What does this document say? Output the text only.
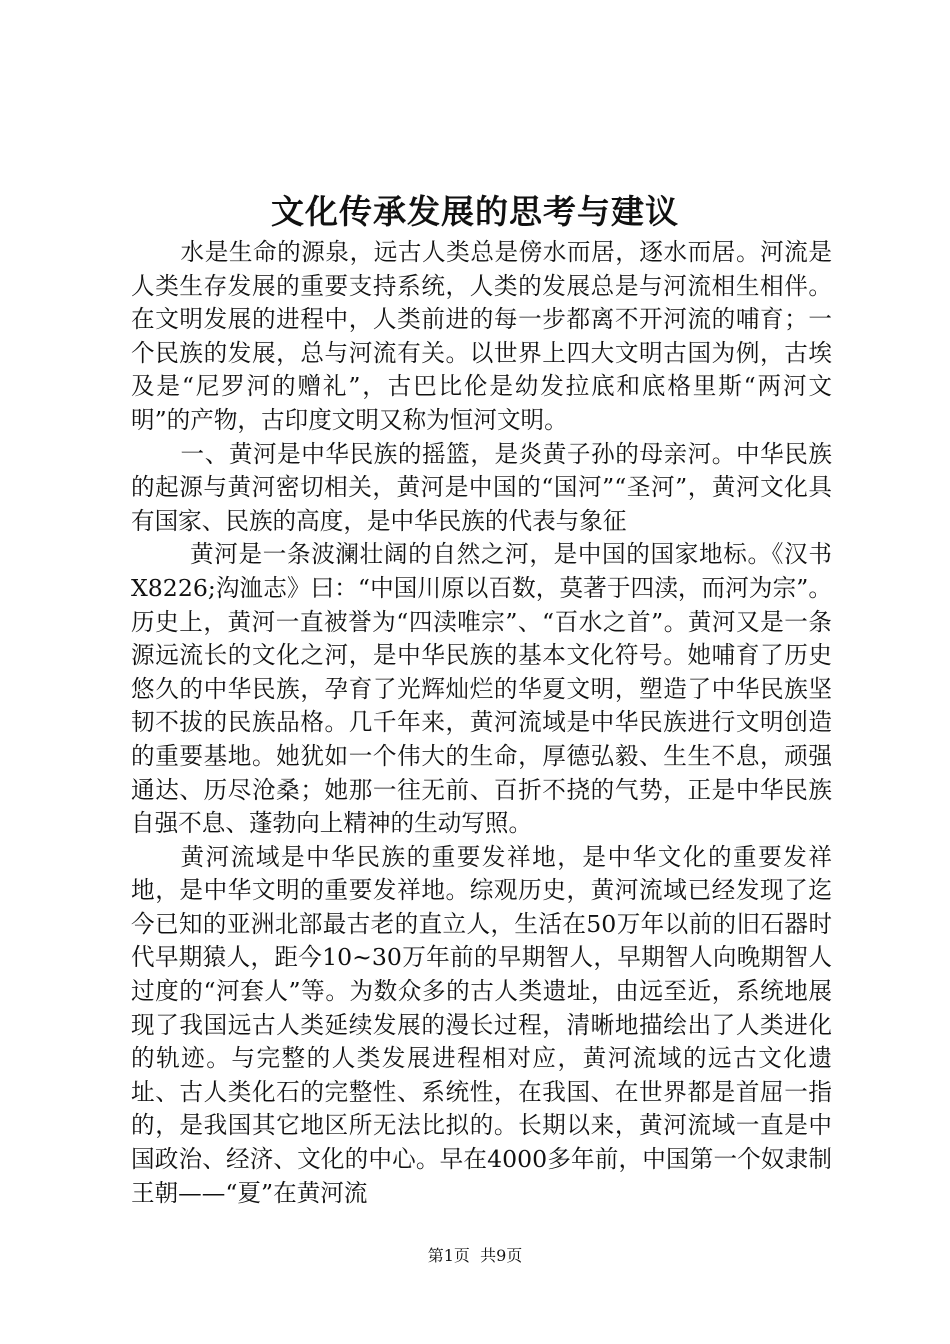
文化传承发展的思考与建议

水是生命的源泉，远古人类总是傍水而居，逐水而居。河流是人类生存发展的重要支持系统，人类的发展总是与河流相生相伴。在文明发展的进程中，人类前进的每一步都离不开河流的哺育；一个民族的发展，总与河流有关。以世界上四大文明古国为例，古埃及是“尼罗河的赠礼”，古巴比伦是幼发拉底和底格里斯“两河文明”的产物，古印度文明又称为恒河文明。

一、黄河是中华民族的摇篮，是炎黄子孙的母亲河。中华民族的起源与黄河密切相关，黄河是中国的“国河”“圣河”，黄河文化具有国家、民族的高度，是中华民族的代表与象征

黄河是一条波澜壮阔的自然之河，是中国的国家地标。《汉书X8226;沟洫志》曰：“中国川原以百数，莫著于四渎，而河为宗”。历史上，黄河一直被誉为“四渎唯宗”、“百水之首”。黄河又是一条源远流长的文化之河，是中华民族的基本文化符号。她哺育了历史悠久的中华民族，孕育了光辉灿烂的华夏文明，塑造了中华民族坚韧不拔的民族品格。几千年来，黄河流域是中华民族进行文明创造的重要基地。她犹如一个伟大的生命，厚德弘毅、生生不息，顽强通达、历尽沧桑；她那一往无前、百折不挠的气势，正是中华民族自强不息、蓬勃向上精神的生动写照。

黄河流域是中华民族的重要发祥地，是中华文化的重要发祥地，是中华文明的重要发祥地。综观历史，黄河流域已经发现了迄今已知的亚洲北部最古老的直立人，生活在50万年以前的旧石器时代早期猿人，距今10~30万年前的早期智人，早期智人向晚期智人过度的“河套人”等。为数众多的古人类遗址，由远至近，系统地展现了我国远古人类延续发展的漫长过程，清晰地描绘出了人类进化的轨迹。与完整的人类发展进程相对应，黄河流域的远古文化遗址、古人类化石的完整性、系统性，在我国、在世界都是首屈一指的，是我国其它地区所无法比拟的。长期以来，黄河流域一直是中国政治、经济、文化的中心。早在4000多年前，中国第一个奴隶制王朝——“夏”在黄河流

第1页 共9页
